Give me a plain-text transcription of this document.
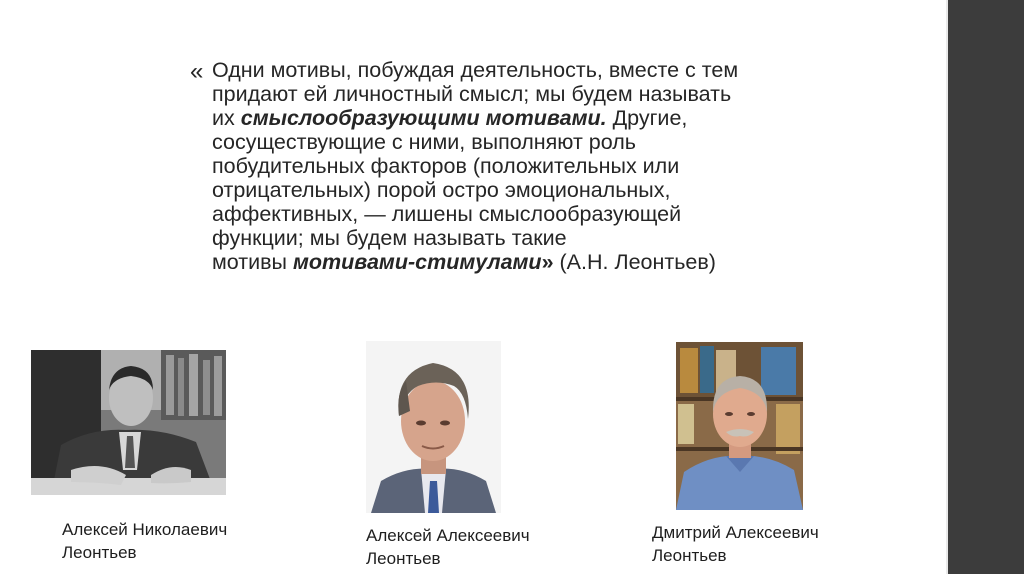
« Одни мотивы, побуждая деятельность, вместе с тем
придают ей личностный смысл; мы будем называть
их смыслообразующими мотивами. Другие,
сосуществующие с ними, выполняют роль
побудительных факторов (положительных или
отрицательных) порой остро эмоциональных,
аффективных, — лишены смыслообразующей
функции; мы будем называть такие
мотивы мотивами-стимулами» (А.Н. Леонтьев)
Алексей Николаевич
Леонтьев
Алексей Алексеевич
Леонтьев
Дмитрий Алексеевич
Леонтьев
